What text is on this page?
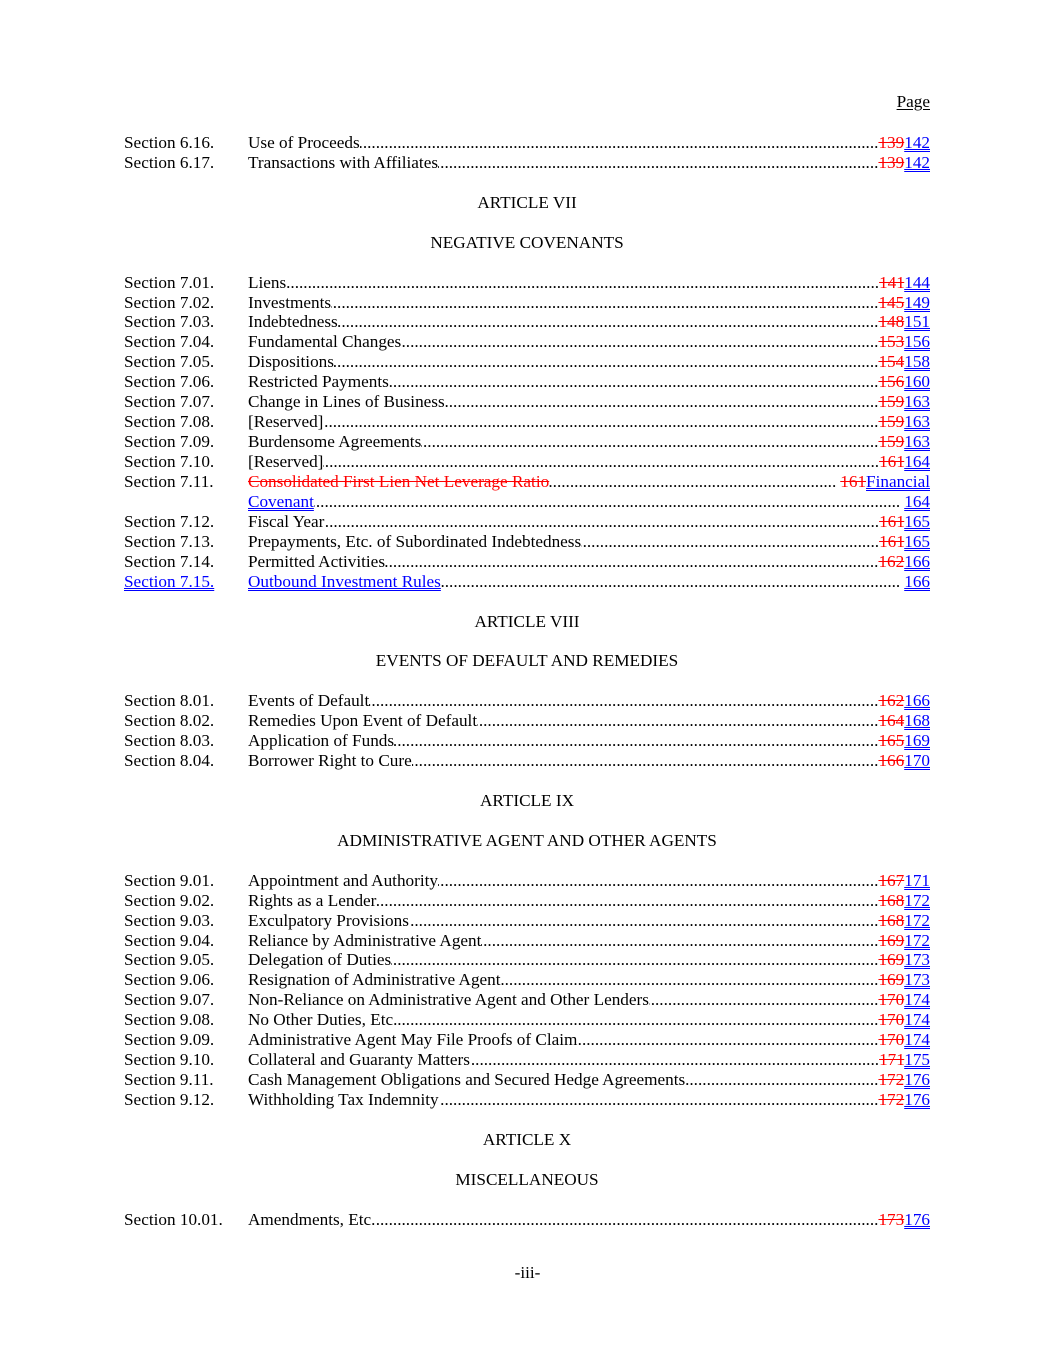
Page
Section 6.16.	Use of Proceeds .....	139142
Section 6.17.	Transactions with Affiliates .....	139142
ARTICLE VII
NEGATIVE COVENANTS
Section 7.01.	Liens .....	141144
Section 7.02.	Investments .....	145149
Section 7.03.	Indebtedness .....	148151
Section 7.04.	Fundamental Changes .....	153156
Section 7.05.	Dispositions .....	154158
Section 7.06.	Restricted Payments .....	156160
Section 7.07.	Change in Lines of Business .....	159163
Section 7.08.	[Reserved] .....	159163
Section 7.09.	Burdensome Agreements .....	159163
Section 7.10.	[Reserved] .....	161164
Section 7.11.	Consolidated First Lien Net Leverage Ratio .....	161Financial
Covenant .....	164
Section 7.12.	Fiscal Year .....	161165
Section 7.13.	Prepayments, Etc. of Subordinated Indebtedness .....	161165
Section 7.14.	Permitted Activities .....	162166
Section 7.15.	Outbound Investment Rules .....	166
ARTICLE VIII
EVENTS OF DEFAULT AND REMEDIES
Section 8.01.	Events of Default .....	162166
Section 8.02.	Remedies Upon Event of Default .....	164168
Section 8.03.	Application of Funds .....	165169
Section 8.04.	Borrower Right to Cure .....	166170
ARTICLE IX
ADMINISTRATIVE AGENT AND OTHER AGENTS
Section 9.01.	Appointment and Authority .....	167171
Section 9.02.	Rights as a Lender .....	168172
Section 9.03.	Exculpatory Provisions .....	168172
Section 9.04.	Reliance by Administrative Agent .....	169172
Section 9.05.	Delegation of Duties .....	169173
Section 9.06.	Resignation of Administrative Agent .....	169173
Section 9.07.	Non-Reliance on Administrative Agent and Other Lenders .....	170174
Section 9.08.	No Other Duties, Etc. .....	170174
Section 9.09.	Administrative Agent May File Proofs of Claim .....	170174
Section 9.10.	Collateral and Guaranty Matters .....	171175
Section 9.11.	Cash Management Obligations and Secured Hedge Agreements .....	172176
Section 9.12.	Withholding Tax Indemnity .....	172176
ARTICLE X
MISCELLANEOUS
Section 10.01.	Amendments, Etc. .....	173176
-iii-
